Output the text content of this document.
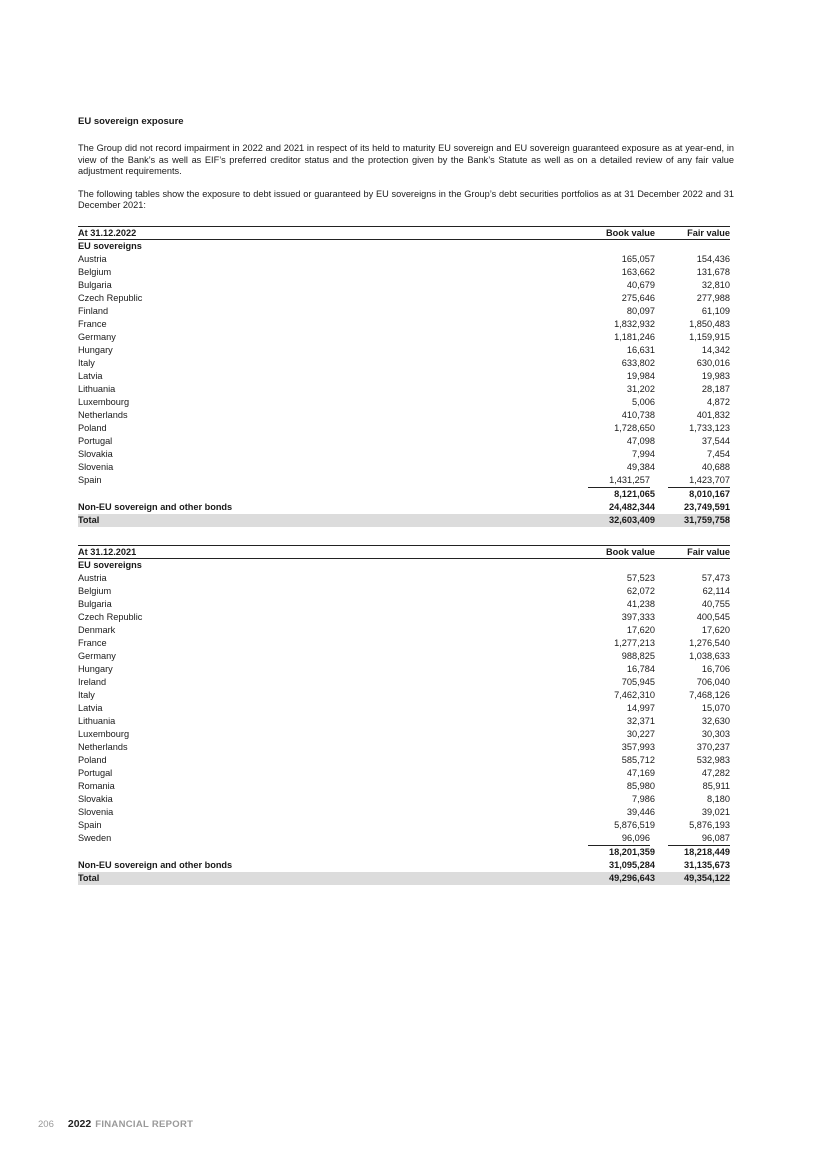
EU sovereign exposure

The Group did not record impairment in 2022 and 2021 in respect of its held to maturity EU sovereign and EU sovereign guaranteed exposure as at year-end, in view of the Bank’s as well as EIF’s preferred creditor status and the protection given by the Bank’s Statute as well as on a detailed review of any fair value adjustment requirements.

The following tables show the exposure to debt issued or guaranteed by EU sovereigns in the Group’s debt securities portfolios as at 31 December 2022 and 31 December 2021:

At 31.12.2022	Book value	Fair value
EU sovereigns		
Austria	165,057	154,436
Belgium	163,662	131,678
Bulgaria	40,679	32,810
Czech Republic	275,646	277,988
Finland	80,097	61,109
France	1,832,932	1,850,483
Germany	1,181,246	1,159,915
Hungary	16,631	14,342
Italy	633,802	630,016
Latvia	19,984	19,983
Lithuania	31,202	28,187
Luxembourg	5,006	4,872
Netherlands	410,738	401,832
Poland	1,728,650	1,733,123
Portugal	47,098	37,544
Slovakia	7,994	7,454
Slovenia	49,384	40,688
Spain	1,431,257	1,423,707
	8,121,065	8,010,167
Non-EU sovereign and other bonds	24,482,344	23,749,591
Total	32,603,409	31,759,758
At 31.12.2021	Book value	Fair value
EU sovereigns		
Austria	57,523	57,473
Belgium	62,072	62,114
Bulgaria	41,238	40,755
Czech Republic	397,333	400,545
Denmark	17,620	17,620
France	1,277,213	1,276,540
Germany	988,825	1,038,633
Hungary	16,784	16,706
Ireland	705,945	706,040
Italy	7,462,310	7,468,126
Latvia	14,997	15,070
Lithuania	32,371	32,630
Luxembourg	30,227	30,303
Netherlands	357,993	370,237
Poland	585,712	532,983
Portugal	47,169	47,282
Romania	85,980	85,911
Slovakia	7,986	8,180
Slovenia	39,446	39,021
Spain	5,876,519	5,876,193
Sweden	96,096	96,087
	18,201,359	18,218,449
Non-EU sovereign and other bonds	31,095,284	31,135,673
Total	49,296,643	49,354,122
206 2022 FINANCIAL REPORT
